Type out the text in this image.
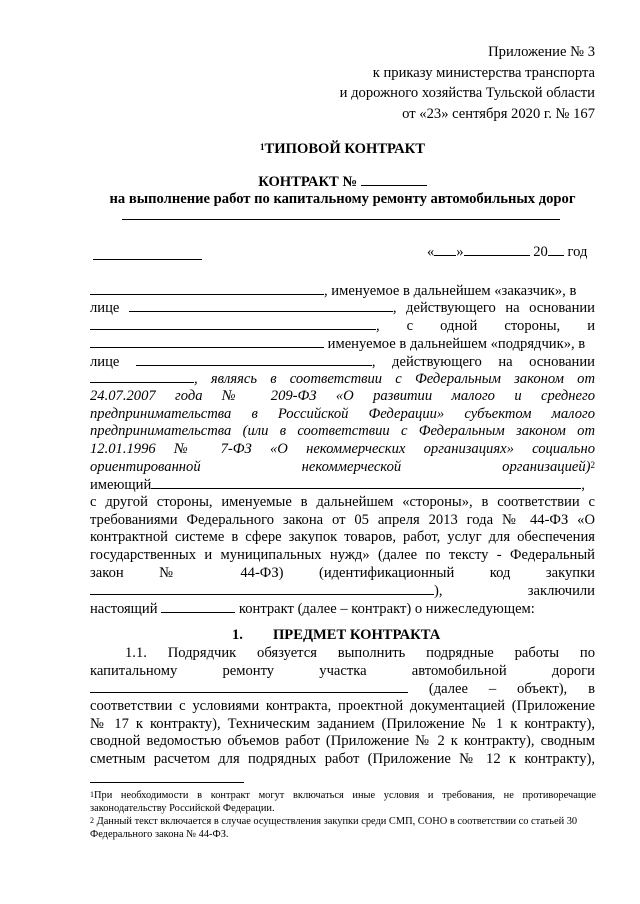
Приложение № 3
к приказу министерства транспорта
и дорожного хозяйства Тульской области
от «23» сентября 2020 г. № 167
$^1$ТИПОВОЙ КОНТРАКТ
КОНТРАКТ №
на выполнение работ по капитальному ремонту автомобильных дорог
« »	20 год
, именуемое в дальнейшем «заказчик», в
лице	, действующего на основании
, с одной стороны, и
именуемое в дальнейшем «подрядчик», в
лице	, действующего на основании
, являясь в соответствии с Федеральным законом от
24.07.2007 года № 209-ФЗ «О развитии малого и среднего
предпринимательства в Российской Федерации» субъектом малого
предпринимательства (или в соответствии с Федеральным законом от
12.01.1996 № 7-ФЗ «О некоммерческих организациях» социально
ориентированной	некоммерческой	организацией)$^2$
имеющий	,
с другой стороны, именуемые в дальнейшем «стороны», в соответствии с
требованиями Федерального закона от 05 апреля 2013 года № 44-ФЗ «О
контрактной системе в сфере закупок товаров, работ, услуг для обеспечения
государственных и муниципальных нужд» (далее по тексту - Федеральный
закон № 44-ФЗ) (идентификационный код закупки
),	заключили
настоящий	контракт (далее – контракт) о нижеследующем:
1. ПРЕДМЕТ КОНТРАКТА
1.1. Подрядчик обязуется выполнить подрядные работы по
капитальному	ремонту	участка	автомобильной	дороги
(далее – объект), в
соответствии с условиями контракта, проектной документацией (Приложение
№ 17 к контракту), Техническим заданием (Приложение № 1 к контракту),
сводной ведомостью объемов работ (Приложение № 2 к контракту), сводным
сметным расчетом для подрядных работ (Приложение № 12 к контракту),
$^1$При необходимости в контракт могут включаться иные условия и требования, не противоречащие
законодательству Российской Федерации.
$^2$ Данный текст включается в случае осуществления закупки среди СМП, СОНО в соответствии со статьей 30
Федерального закона № 44-ФЗ.
